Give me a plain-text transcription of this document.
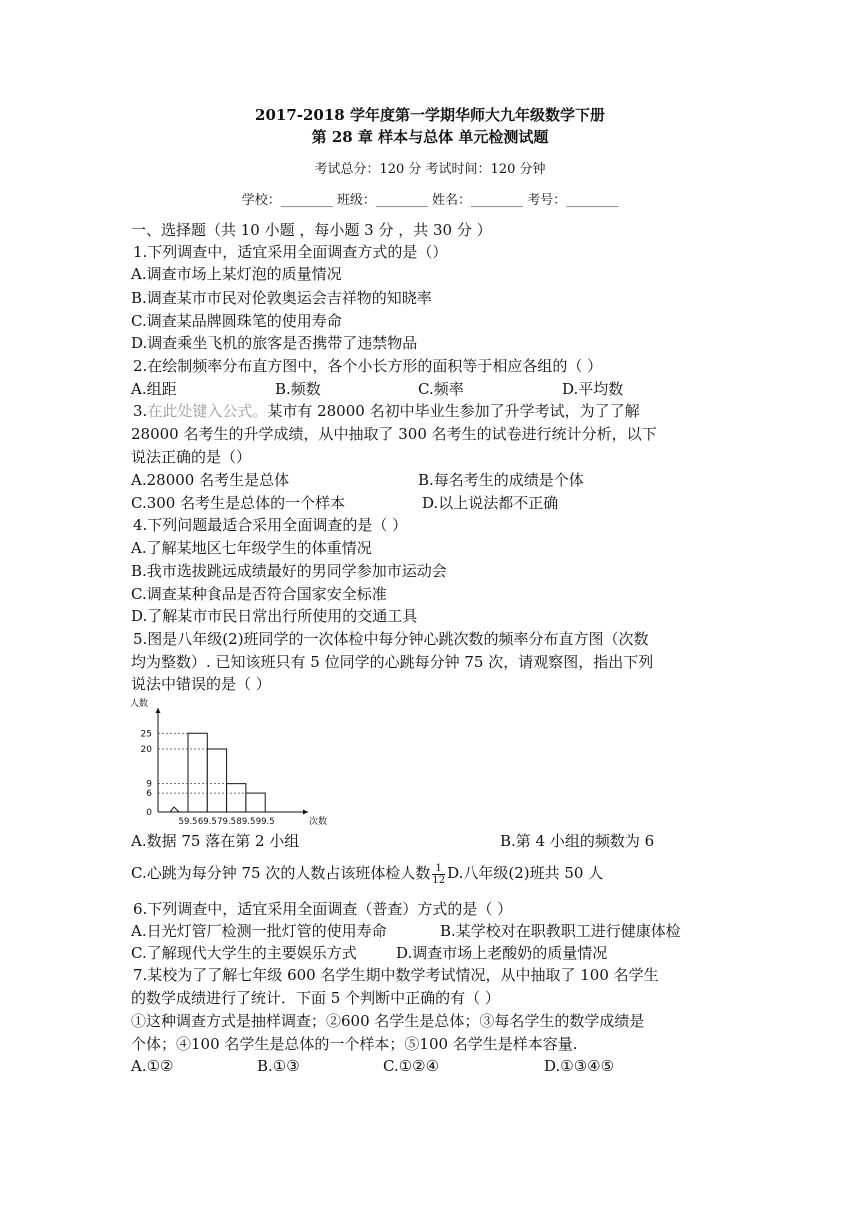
2017-2018 学年度第一学期华师大九年级数学下册
第 28 章 样本与总体 单元检测试题
考试总分：120 分 考试时间：120 分钟
学校：________ 班级：________ 姓名：________ 考号：________
一、选择题（共 10 小题 ，每小题 3 分 ，共 30 分 ）
1.下列调查中，适宜采用全面调查方式的是（）
A.调查市场上某灯泡的质量情况
B.调查某市市民对伦敦奥运会吉祥物的知晓率
C.调查某品牌圆珠笔的使用寿命
D.调查乘坐飞机的旅客是否携带了违禁物品
2.在绘制频率分布直方图中，各个小长方形的面积等于相应各组的（ ）
A.组距	B.频数	C.频率	D.平均数
3.在此处键入公式。某市有 28000 名初中毕业生参加了升学考试，为了了解
28000 名考生的升学成绩，从中抽取了 300 名考生的试卷进行统计分析，以下
说法正确的是（）
A.28000 名考生是总体	B.每名考生的成绩是个体
C.300 名考生是总体的一个样本	D.以上说法都不正确
4.下列问题最适合采用全面调查的是（ ）
A.了解某地区七年级学生的体重情况
B.我市选拔跳远成绩最好的男同学参加市运动会
C.调查某种食品是否符合国家安全标准
D.了解某市市民日常出行所使用的交通工具
5.图是八年级(2)班同学的一次体检中每分钟心跳次数的频率分布直方图（次数
均为整数）. 已知该班只有 5 位同学的心跳每分钟 75 次，请观察图，指出下列
说法中错误的是（ ）
人数
次数
0
6
9
20
25
59.5 69.5 79.5 89.5 99.5
A.数据 75 落在第 2 小组	B.第 4 小组的频数为 6
C.心跳为每分钟 75 次的人数占该班体检人数 $\frac{1}{12} D$.八年级(2)班共 50 人
6.下列调查中，适宜采用全面调查（普查）方式的是（ ）
A.日光灯管厂检测一批灯管的使用寿命	B.某学校对在职教职工进行健康体检
C.了解现代大学生的主要娱乐方式	D.调查市场上老酸奶的质量情况
7.某校为了了解七年级 600 名学生期中数学考试情况，从中抽取了 100 名学生
的数学成绩进行了统计．下面 5 个判断中正确的有（ ）
①这种调查方式是抽样调查；②600 名学生是总体；③每名学生的数学成绩是
个体；④100 名学生是总体的一个样本；⑤100 名学生是样本容量.
A.①②	B.①③	C.①②④	D.①③④⑤
